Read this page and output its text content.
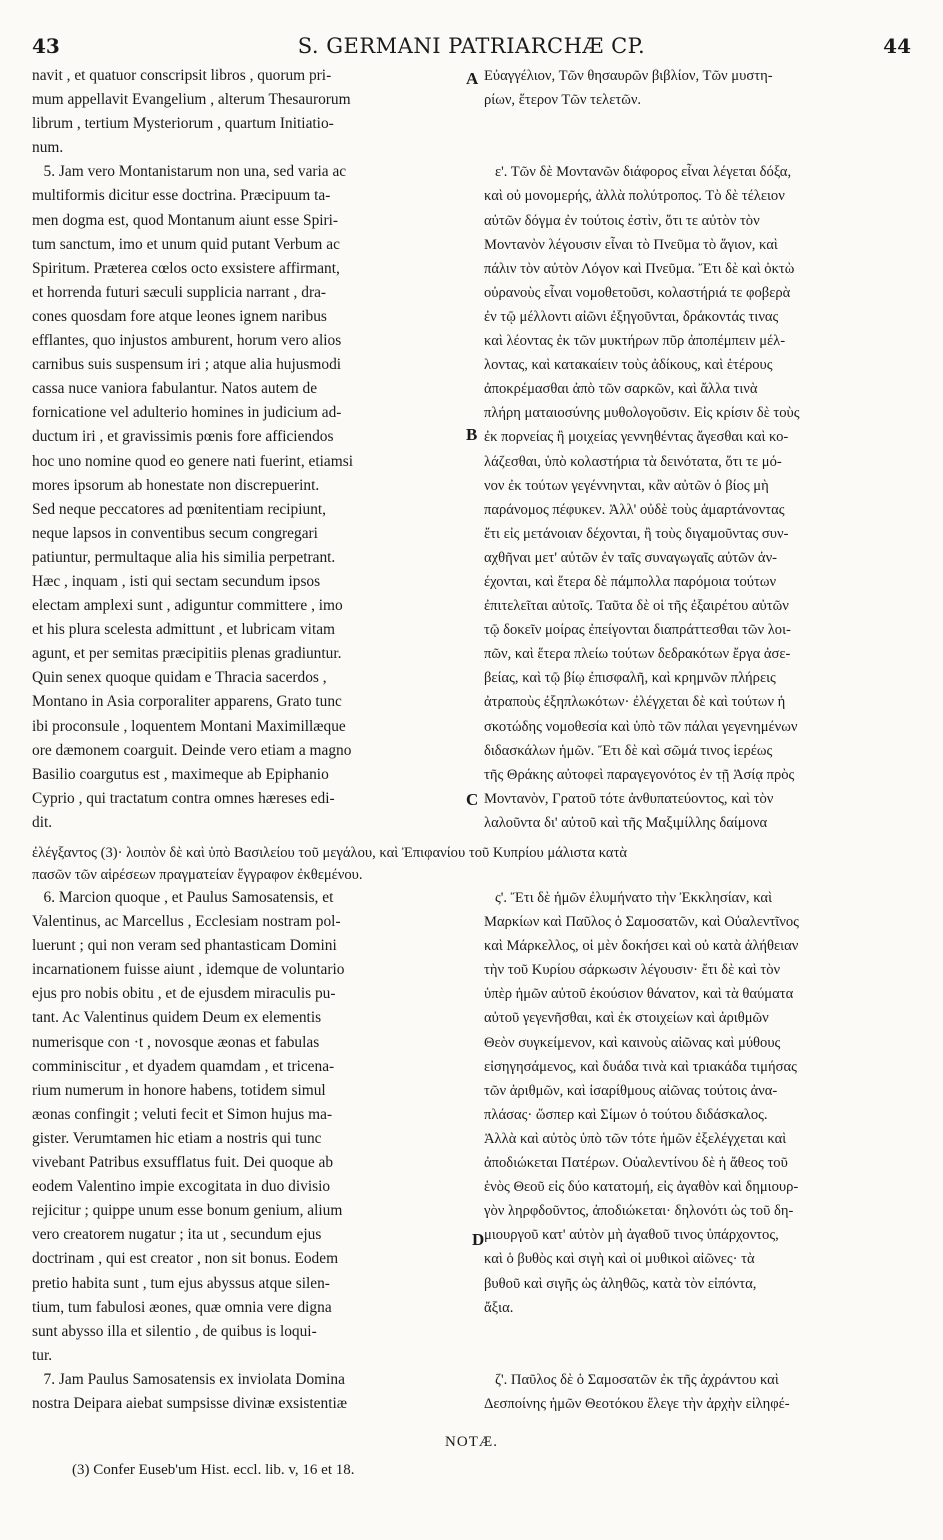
43	S. GERMANI PATRIARCHÆ CP.	44
navit , et quatuor conscripsit libros , quorum pri-
mum appellavit Evangelium , alterum Thesaurorum
librum , tertium Mysteriorum , quartum Initiatio-
num.
5. Jam vero Montanistarum non una, sed varia ac
multiformis dicitur esse doctrina. Præcipuum ta-
men dogma est, quod Montanum aiunt esse Spiri-
tum sanctum, imo et unum quid putant Verbum ac
Spiritum. Præterea cœlos octo exsistere affirmant,
et horrenda futuri sæculi supplicia narrant , dra-
cones quosdam fore atque leones ignem naribus
efflantes, quo injustos amburent, horum vero alios
carnibus suis suspensum iri ; atque alia hujusmodi
cassa nuce vaniora fabulantur. Natos autem de
fornicatione vel adulterio homines in judicium ad-
ductum iri , et gravissimis pœnis fore afficiendos
hoc uno nomine quod eo genere nati fuerint, etiamsi
mores ipsorum ab honestate non discrepuerint.
Sed neque peccatores ad pœnitentiam recipiunt,
neque lapsos in conventibus secum congregari
patiuntur, permultaque alia his similia perpetrant.
Hæc , inquam , isti qui sectam secundum ipsos
electam amplexi sunt , adiguntur committere , imo
et his plura scelesta admittunt , et lubricam vitam
agunt, et per semitas præcipitiis plenas gradiuntur.
Quin senex quoque quidam e Thracia sacerdos ,
Montano in Asia corporaliter apparens, Grato tunc
ibi proconsule , loquentem Montani Maximillæque
ore dæmonem coarguit. Deinde vero etiam a magno
Basilio coargutus est , maximeque ab Epiphanio
Cyprio , qui tractatum contra omnes hæreses edi-
dit.
Εὐαγγέλιον, Τῶν θησαυρῶν βιβλίον, Τῶν μυστη-
ρίων, ἕτερον Τῶν τελετῶν.

ε'. Τῶν δὲ Μοντανῶν διάφορος εἶναι λέγεται δόξα,
καὶ οὐ μονομερής, ἀλλὰ πολύτροπος. Τὸ δὲ τέλειον
αὐτῶν δόγμα ἐν τούτοις ἐστὶν, ὅτι τε αὐτὸν τὸν
Μοντανὸν λέγουσιν εἶναι τὸ Πνεῦμα τὸ ἅγιον, καὶ
πάλιν τὸν αὐτὸν Λόγον καὶ Πνεῦμα. Ἔτι δὲ καὶ ὀκτὼ
οὐρανοὺς εἶναι νομοθετοῦσι, κολαστήριά τε φοβερὰ
ἐν τῷ μέλλοντι αἰῶνι ἐξηγοῦνται, δράκοντάς τινας
καὶ λέοντας ἐκ τῶν μυκτήρων πῦρ ἀποπέμπειν μέλ-
λοντας, καὶ κατακαίειν τοὺς ἀδίκους, καὶ ἑτέρους
ἀποκρέμασθαι ἀπὸ τῶν σαρκῶν, καὶ ἄλλα τινὰ
πλήρη ματαιοσύνης μυθολογοῦσιν. Εἰς κρίσιν δὲ τοὺς
ἐκ πορνείας ἢ μοιχείας γεννηθέντας ἄγεσθαι καὶ κο-
λάζεσθαι, ὑπὸ κολαστήρια τὰ δεινότατα, ὅτι τε μό-
νον ἐκ τούτων γεγέννηνται, κἂν αὐτῶν ὁ βίος μὴ
παράνομος πέφυκεν. Ἀλλ' οὐδὲ τοὺς ἁμαρτάνοντας
ἔτι εἰς μετάνοιαν δέχονται, ἢ τοὺς διγαμοῦντας συν-
αχθῆναι μετ' αὐτῶν ἐν ταῖς συναγωγαῖς αὐτῶν ἀν-
έχονται, καὶ ἕτερα δὲ πάμπολλα παρόμοια τούτων
ἐπιτελεῖται αὐτοῖς. Ταῦτα δὲ οἱ τῆς ἐξαιρέτου αὐτῶν
τῷ δοκεῖν μοίρας ἐπείγονται διαπράττεσθαι τῶν λοι-
πῶν, καὶ ἕτερα πλείω τούτων δεδρακότων ἔργα ἀσε-
βείας, καὶ τῷ βίῳ ἐπισφαλῆ, καὶ κρημνῶν πλήρεις
ἀτραποὺς ἐξηπλωκότων· ἐλέγχεται δὲ καὶ τούτων ἡ
σκοτώδης νομοθεσία καὶ ὑπὸ τῶν πάλαι γεγενημένων
διδασκάλων ἡμῶν. Ἔτι δὲ καὶ σῶμά τινος ἱερέως
τῆς Θράκης αὐτοφεὶ παραγεγονότος ἐν τῇ Ἀσίᾳ πρὸς
Μοντανὸν, Γρατοῦ τότε ἀνθυπατεύοντος, καὶ τὸν
λαλοῦντα δι' αὐτοῦ καὶ τῆς Μαξιμίλλης δαίμονα
A
B
C
D
ἐλέγξαντος (3)· λοιπὸν δὲ καὶ ὑπὸ Βασιλείου τοῦ μεγάλου, καὶ Ἐπιφανίου τοῦ Κυπρίου μάλιστα κατὰ
πασῶν τῶν αἱρέσεων πραγματείαν ἔγγραφον ἐκθεμένου.
6. Marcion quoque , et Paulus Samosatensis, et
Valentinus, ac Marcellus , Ecclesiam nostram pol-
luerunt ; qui non veram sed phantasticam Domini
incarnationem fuisse aiunt , idemque de voluntario
ejus pro nobis obitu , et de ejusdem miraculis pu-
tant. Ac Valentinus quidem Deum ex elementis
numerisque con ·t , novosque æonas et fabulas
comminiscitur , et dyadem quamdam , et tricena-
rium numerum in honore habens, totidem simul
æonas confingit ; veluti fecit et Simon hujus ma-
gister. Verumtamen hic etiam a nostris qui tunc
vivebant Patribus exsufflatus fuit. Dei quoque ab
eodem Valentino impie excogitata in duo divisio
rejicitur ; quippe unum esse bonum genium, alium
vero creatorem nugatur ; ita ut , secundum ejus
doctrinam , qui est creator , non sit bonus. Eodem
pretio habita sunt , tum ejus abyssus atque silen-
tium, tum fabulosi æones, quæ omnia vere digna
sunt abysso illa et silentio , de quibus is loqui-
tur.
7. Jam Paulus Samosatensis ex inviolata Domina
nostra Deipara aiebat sumpsisse divinæ exsistentiæ
ς'. Ἔτι δὲ ἡμῶν ἐλυμήνατο τὴν Ἐκκλησίαν, καὶ
Μαρκίων καὶ Παῦλος ὁ Σαμοσατῶν, καὶ Οὐαλεντῖνος
καὶ Μάρκελλος, οἱ μὲν δοκήσει καὶ οὐ κατὰ ἀλήθειαν
τὴν τοῦ Κυρίου σάρκωσιν λέγουσιν· ἔτι δὲ καὶ τὸν
ὑπὲρ ἡμῶν αὐτοῦ ἑκούσιον θάνατον, καὶ τὰ θαύματα
αὐτοῦ γεγενῆσθαι, καὶ ἐκ στοιχείων καὶ ἀριθμῶν
Θεὸν συγκείμενον, καὶ καινοὺς αἰῶνας καὶ μύθους
εἰσηγησάμενος, καὶ δυάδα τινὰ καὶ τριακάδα τιμήσας
τῶν ἀριθμῶν, καὶ ἰσαρίθμους αἰῶνας τούτοις ἀνα-
πλάσας· ὥσπερ καὶ Σίμων ὁ τούτου διδάσκαλος.
Ἀλλὰ καὶ αὐτὸς ὑπὸ τῶν τότε ἡμῶν ἐξελέγχεται καὶ
ἀποδιώκεται Πατέρων. Οὐαλεντίνου δὲ ἡ ἄθεος τοῦ
ἑνὸς Θεοῦ εἰς δύο κατατομή, εἰς ἀγαθὸν καὶ δημιουρ-
γὸν ληρφδοῦντος, ἀποδιώκεται· δηλονότι ὡς τοῦ δη-
μιουργοῦ κατ' αὐτὸν μὴ ἀγαθοῦ τινος ὑπάρχοντος,
καὶ ὁ βυθὸς καὶ σιγὴ καὶ οἱ μυθικοὶ αἰῶνες· τὰ
βυθοῦ καὶ σιγῆς ὡς ἀληθῶς, κατὰ τὸν εἰπόντα,
ἄξια.

ζ'. Παῦλος δὲ ὁ Σαμοσατῶν ἐκ τῆς ἀχράντου καὶ
Δεσποίνης ἡμῶν Θεοτόκου ἔλεγε τὴν ἀρχὴν εἰληφέ-
NOTÆ.
(3) Confer Euseb'um Hist. eccl. lib. v, 16 et 18.
